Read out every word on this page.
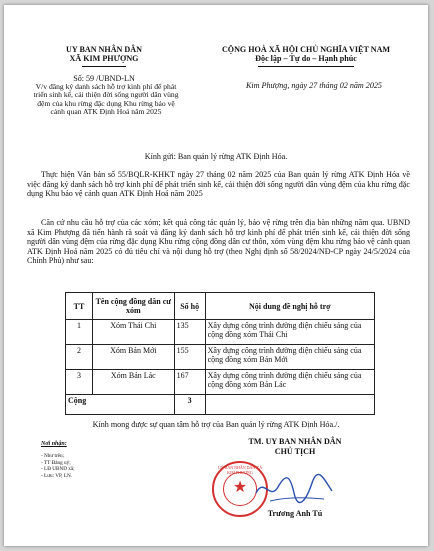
UY BAN NHÂN DÂN
XÃ KIM PHƯỢNG
CỘNG HOÀ XÃ HỘI CHỦ NGHĨA VIỆT NAM
Độc lập – Tự do – Hạnh phúc
Số: 59 /UBND-LN
Kim Phượng, ngày 27 tháng 02 năm 2025
V/v đăng ký danh sách hỗ trợ kinh phí để phát triển sinh kế, cải thiện đời sống người dân vùng đệm của khu rừng đặc dụng Khu rừng bảo vệ cảnh quan ATK Định Hoá năm 2025
Kính gửi: Ban quản lý rừng ATK Định Hóa.
Thực hiện Văn bản số 55/BQLR-KHKT ngày 27 tháng 02 năm 2025 của Ban quản lý rừng ATK Định Hóa về việc đăng ký danh sách hỗ trợ kinh phí để phát triển sinh kế, cải thiện đời sống người dân vùng đệm của khu rừng đặc dụng Khu bảo vệ cảnh quan ATK Định Hoá năm 2025
Căn cứ nhu cầu hỗ trợ của các xóm; kết quả công tác quản lý, bảo vệ rừng trên địa bàn những năm qua. UBND xã Kim Phượng đã tiến hành rà soát và đăng ký danh sách hỗ trợ kinh phí để phát triển sinh kế, cải thiện đời sống người dân vùng đệm của rừng đặc dụng Khu rừng cộng đồng dân cư thôn, xóm vùng đệm khu rừng bảo vệ cảnh quan ATK Định Hoá năm 2025 có đủ tiêu chí và nội dung hỗ trợ (theo Nghị định số 58/2024/NĐ-CP ngày 24/5/2024 của Chính Phủ) như sau:
TT	Tên cộng đồng dân cư xóm	Số hộ	Nội dung đề nghị hỗ trợ
1	Xóm Thái Chi	135	Xây dựng công trình đường điện chiếu sáng của cộng đồng xóm Thái Chi
2	Xóm Bản Mới	155	Xây dựng công trình đường điện chiếu sáng của cộng đồng xóm Bản Mới
3	Xóm Bản Lác	167	Xây dựng công trình đường điện chiếu sáng của cộng đồng xóm Bản Lác
Cộng		3	
Kính mong được sự quan tâm hỗ trợ của Ban quản lý rừng ATK Định Hóa./.
Nơi nhận:
- Như trên;
- TT Đảng uỷ;
- LĐ UBND xã;
- Lưu: VP, LN.
TM. UY BAN NHÂN DÂN
CHỦ TỊCH
UỶ BAN NHÂN DÂN XÃ KIM PHƯỢNG
★
Trương Anh Tú
